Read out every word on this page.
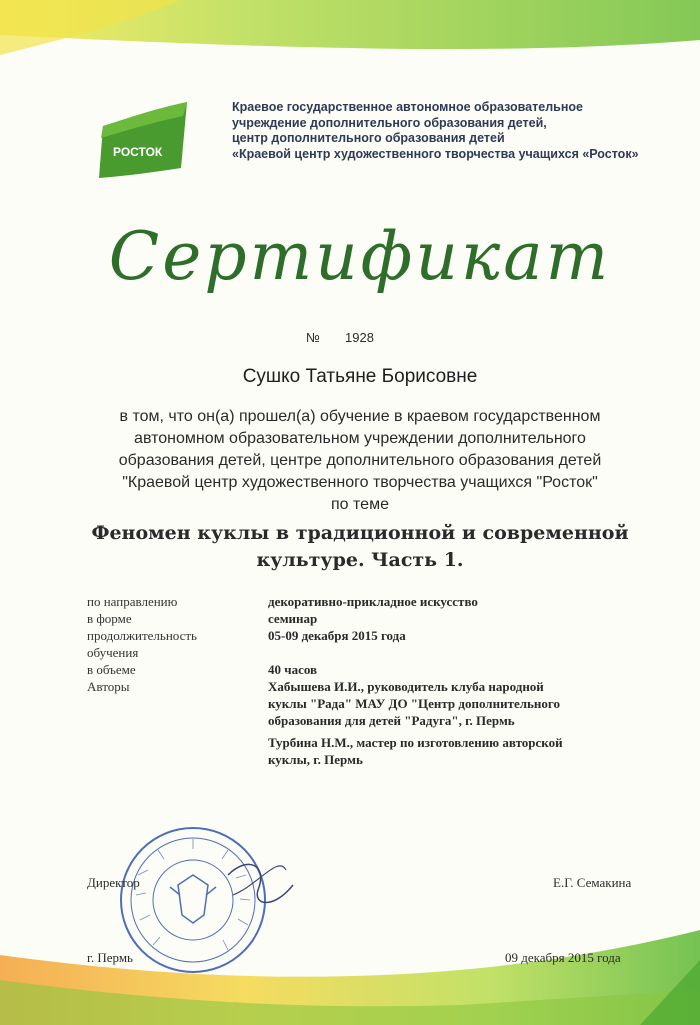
РОСТОК
Краевое государственное автономное образовательное
учреждение дополнительного образования детей,
центр дополнительного образования детей
«Краевой центр художественного творчества учащихся «Росток»
Сертификат
№ 1928
Сушко Татьяне Борисовне
в том, что он(а) прошел(а) обучение в краевом государственном
автономном образовательном учреждении дополнительного
образования детей, центре дополнительного образования детей
"Краевой центр художественного творчества учащихся "Росток"
по теме
Феномен куклы в традиционной и современной
культуре. Часть 1.
по направлению
в форме
продолжительность
обучения
в объеме
Авторы
декоративно-прикладное искусство
семинар
05-09 декабря 2015 года
40 часов
Хабышева И.И., руководитель клуба народной
куклы "Рада" МАУ ДО "Центр дополнительного
образования для детей "Радуга", г. Пермь
Турбина Н.М., мастер по изготовлению авторской
куклы, г. Пермь
Директор	Е.Г. Семакина
г. Пермь	09 декабря 2015 года
